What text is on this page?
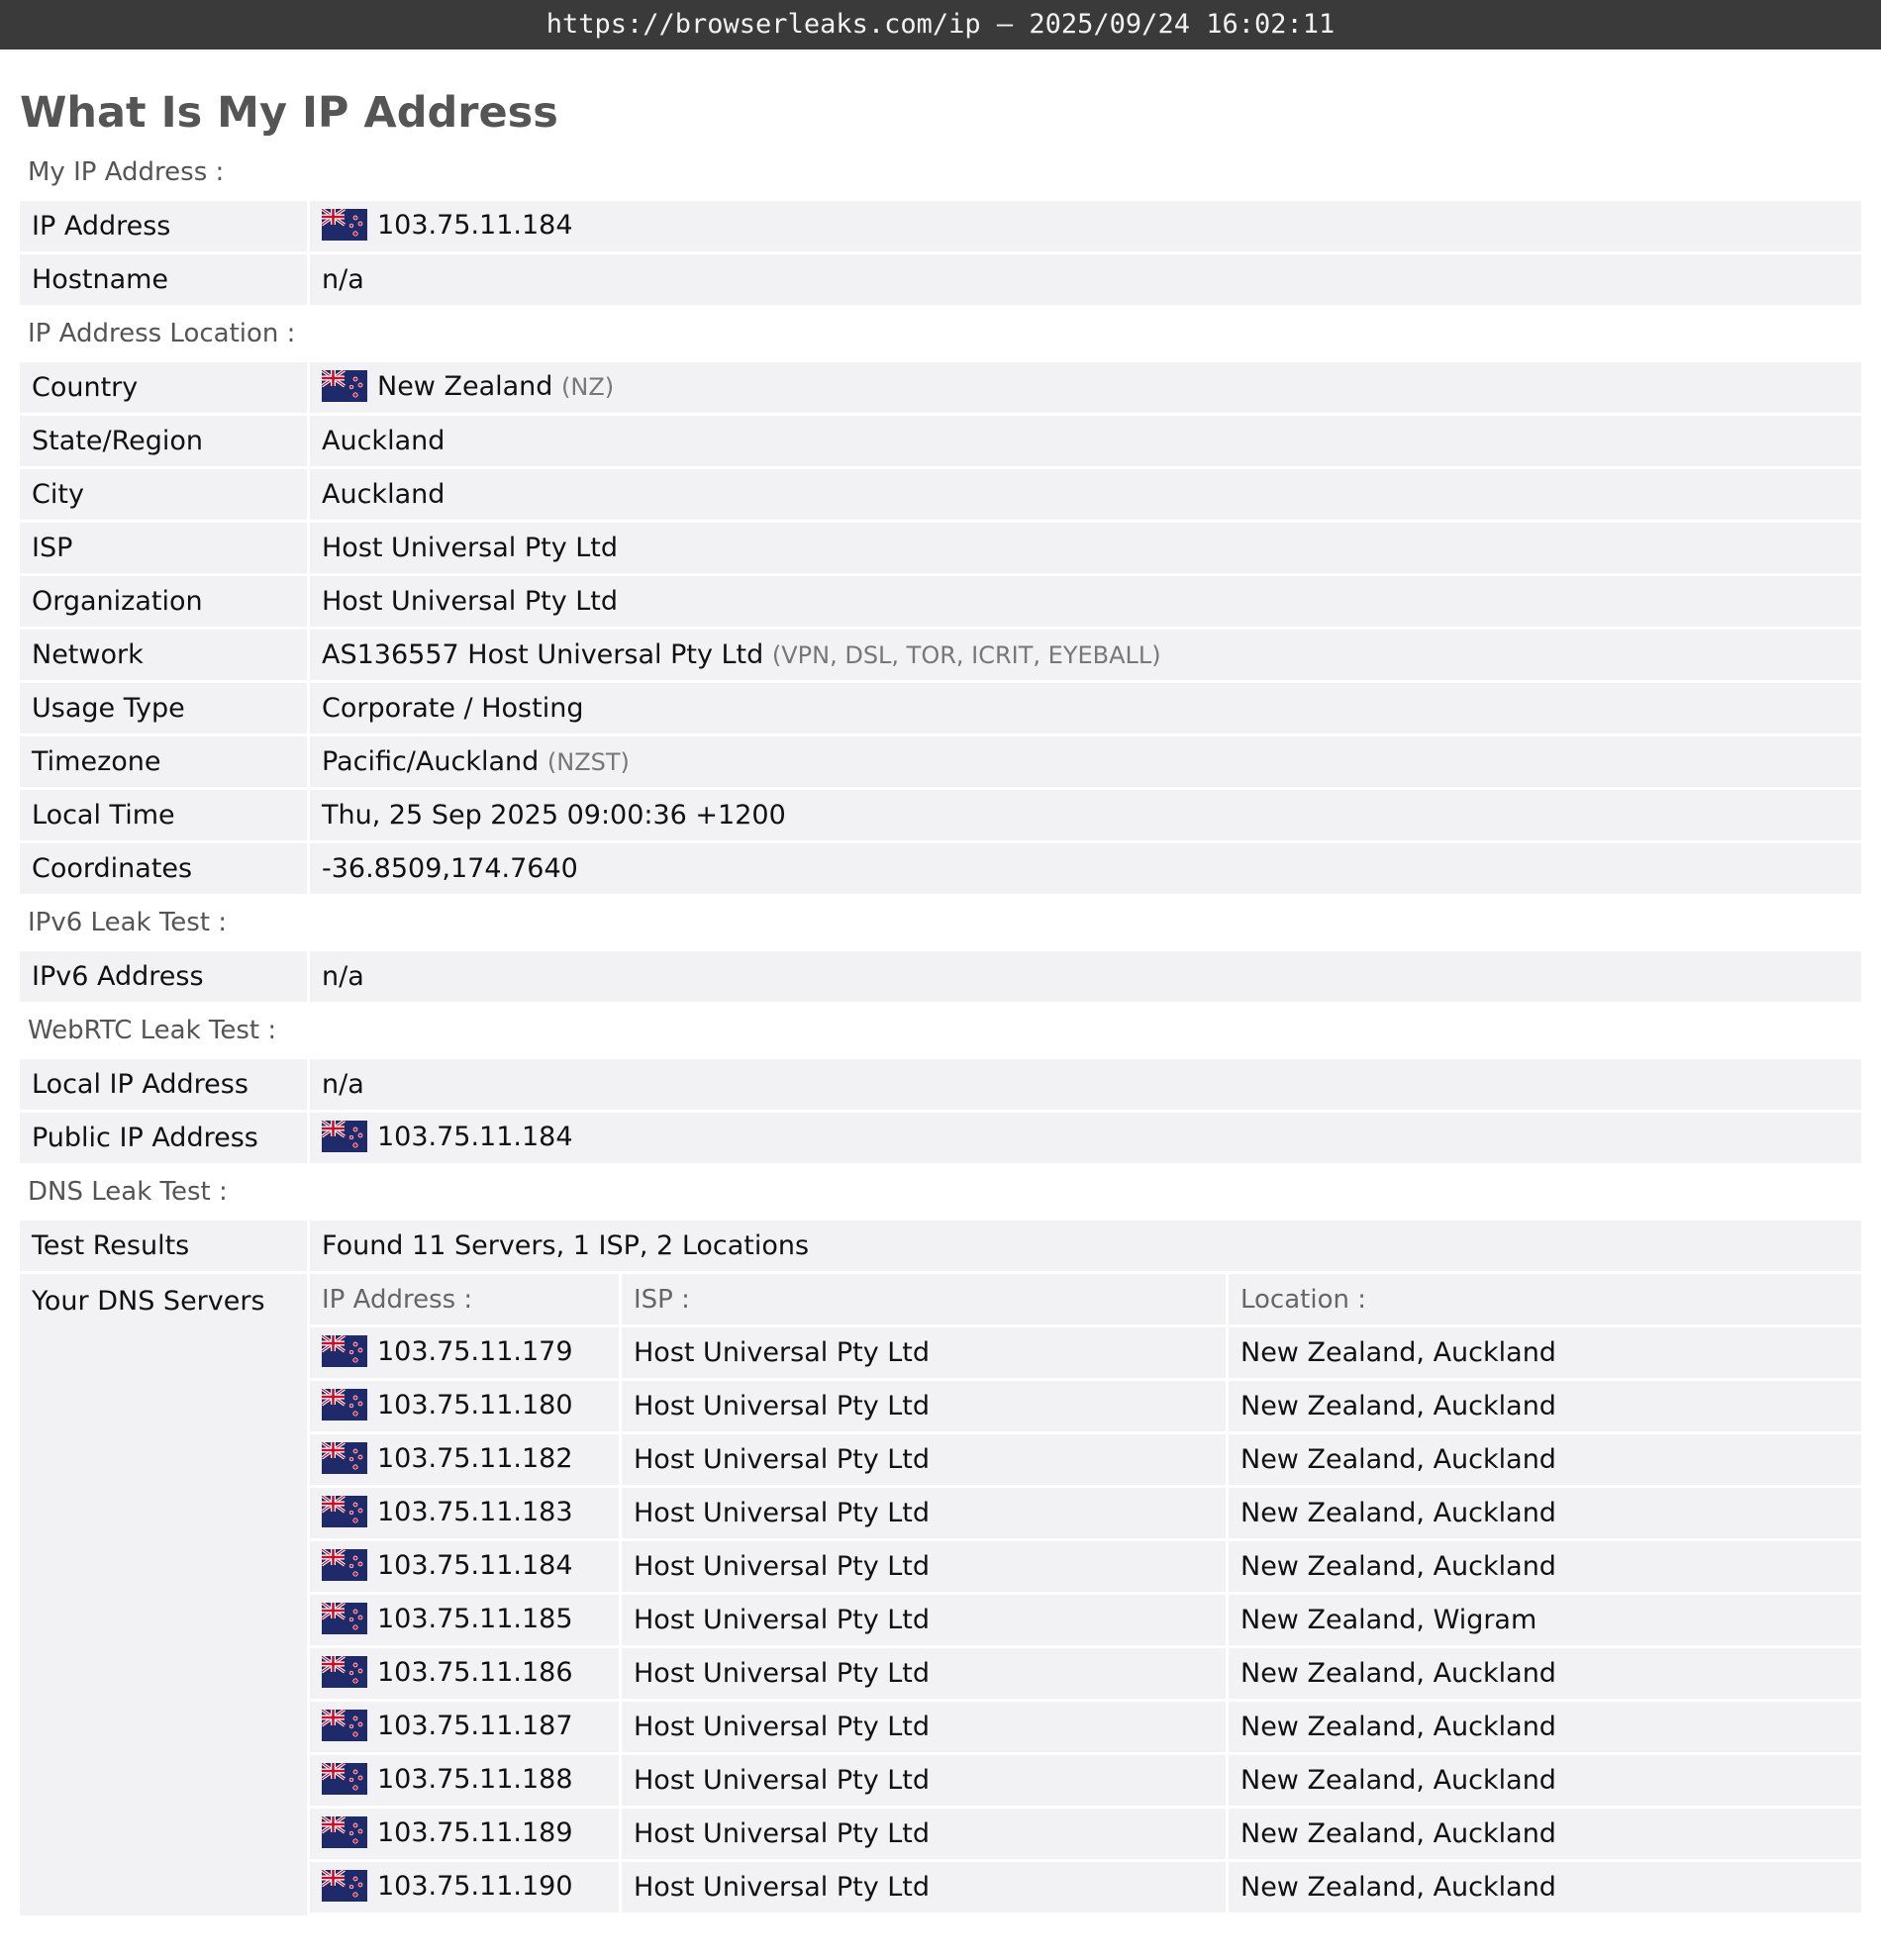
https://browserleaks.com/ip – 2025/09/24 16:02:11
What Is My IP Address
My IP Address :
IP Address	103.75.11.184
Hostname	n/a
IP Address Location :
Country	New Zealand (NZ)
State/Region	Auckland
City	Auckland
ISP	Host Universal Pty Ltd
Organization	Host Universal Pty Ltd
Network	AS136557 Host Universal Pty Ltd (VPN, DSL, TOR, ICRIT, EYEBALL)
Usage Type	Corporate / Hosting
Timezone	Pacific/Auckland (NZST)
Local Time	Thu, 25 Sep 2025 09:00:36 +1200
Coordinates	-36.8509,174.7640
IPv6 Leak Test :
IPv6 Address	n/a
WebRTC Leak Test :
Local IP Address	n/a
Public IP Address	103.75.11.184
DNS Leak Test :
Test Results	Found 11 Servers, 1 ISP, 2 Locations
Your DNS Servers	IP Address :	ISP :	Location :
103.75.11.179	Host Universal Pty Ltd	New Zealand, Auckland
103.75.11.180	Host Universal Pty Ltd	New Zealand, Auckland
103.75.11.182	Host Universal Pty Ltd	New Zealand, Auckland
103.75.11.183	Host Universal Pty Ltd	New Zealand, Auckland
103.75.11.184	Host Universal Pty Ltd	New Zealand, Auckland
103.75.11.185	Host Universal Pty Ltd	New Zealand, Wigram
103.75.11.186	Host Universal Pty Ltd	New Zealand, Auckland
103.75.11.187	Host Universal Pty Ltd	New Zealand, Auckland
103.75.11.188	Host Universal Pty Ltd	New Zealand, Auckland
103.75.11.189	Host Universal Pty Ltd	New Zealand, Auckland
103.75.11.190	Host Universal Pty Ltd	New Zealand, Auckland
